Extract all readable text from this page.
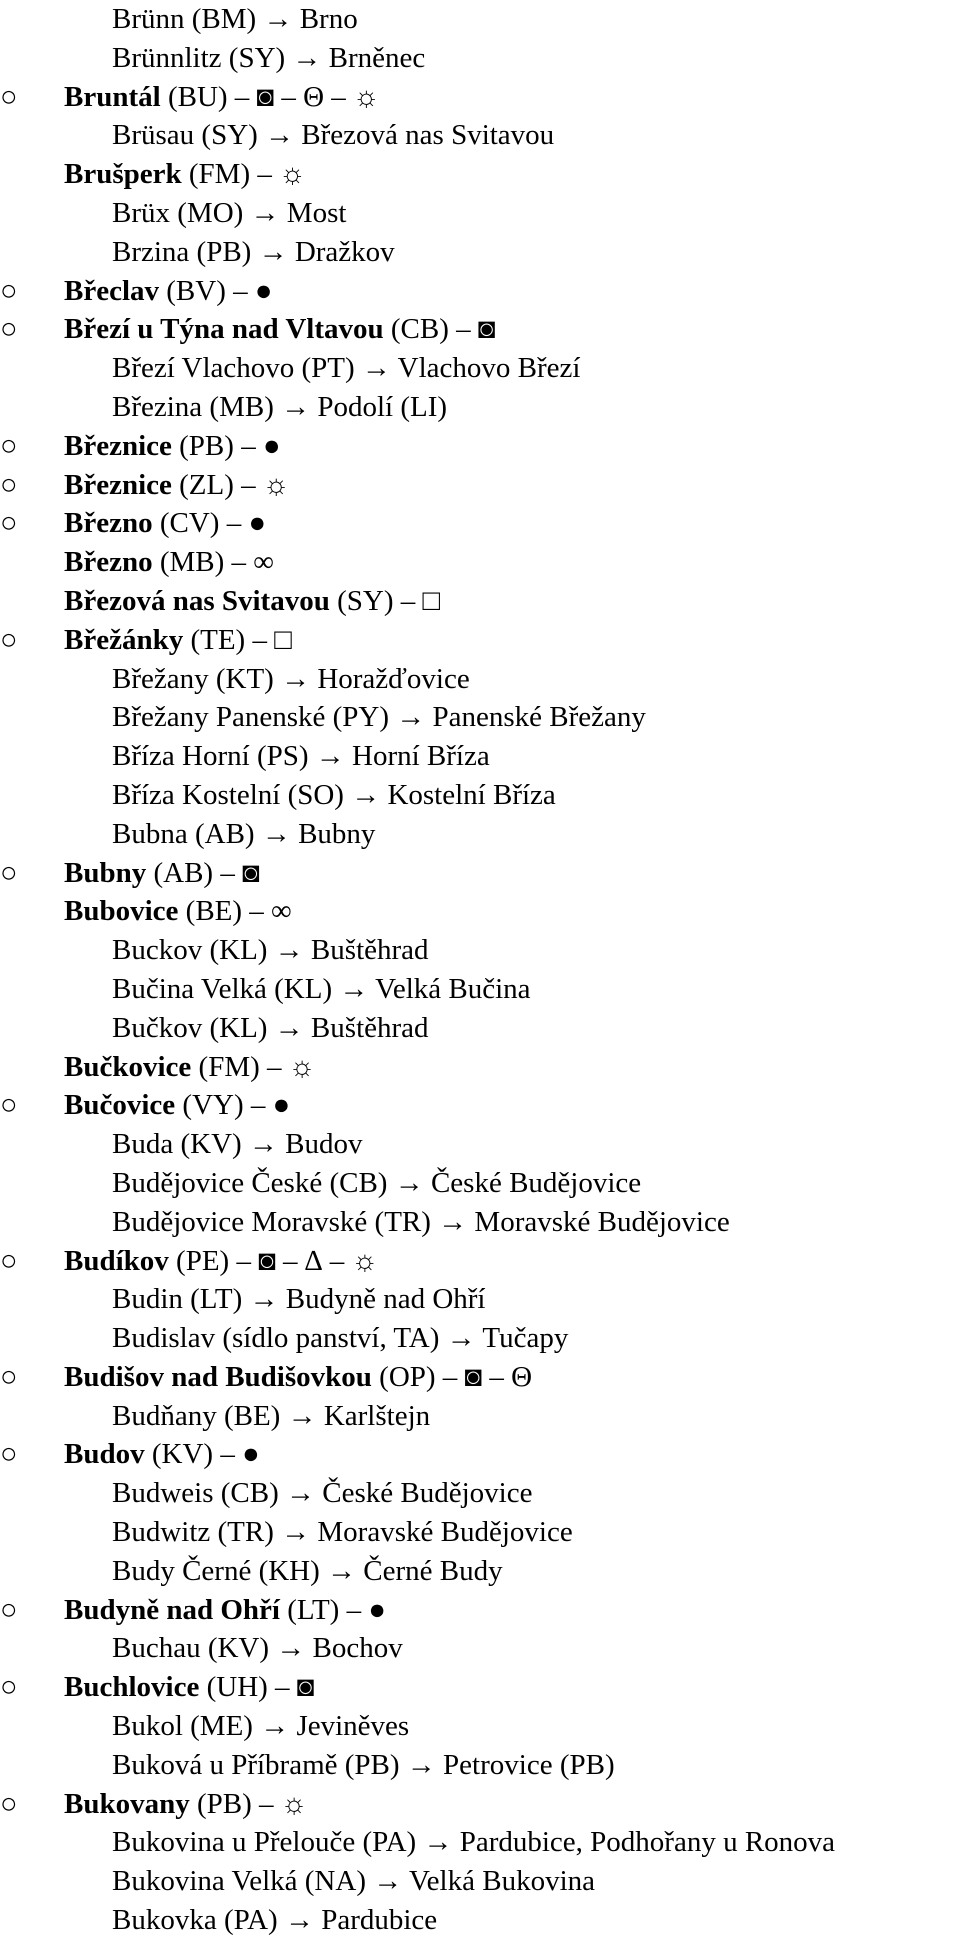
Brünn (BM) → Brno
Brünnlitz (SY) → Brněnec
○	Bruntál (BU) – ◙ – Θ – ☼
Brüsau (SY) → Březová nas Svitavou
Brušperk (FM) – ☼
Brüx (MO) → Most
Brzina (PB) → Dražkov
○	Břeclav (BV) – ●
○	Březí u Týna nad Vltavou (CB) – ◙
Březí Vlachovo (PT) → Vlachovo Březí
Březina (MB) → Podolí (LI)
○	Březnice (PB) – ●
○	Březnice (ZL) – ☼
○	Březno (CV) – ●
Březno (MB) – ∞
Březová nas Svitavou (SY) – □
○	Břežánky (TE) – □
Břežany (KT) → Horažďovice
Břežany Panenské (PY) → Panenské Břežany
Bříza Horní (PS) → Horní Bříza
Bříza Kostelní (SO) → Kostelní Bříza
Bubna (AB) → Bubny
○	Bubny (AB) – ◙
Bubovice (BE) – ∞
Buckov (KL) → Buštěhrad
Bučina Velká (KL) → Velká Bučina
Bučkov (KL) → Buštěhrad
Bučkovice (FM) – ☼
○	Bučovice (VY) – ●
Buda (KV) → Budov
Budějovice České (CB) → České Budějovice
Budějovice Moravské (TR) → Moravské Budějovice
○	Budíkov (PE) – ◙ – ∆ – ☼
Budin (LT) → Budyně nad Ohří
Budislav (sídlo panství, TA) → Tučapy
○	Budišov nad Budišovkou (OP) – ◙ – Θ
Budňany (BE) → Karlštejn
○	Budov (KV) – ●
Budweis (CB) → České Budějovice
Budwitz (TR) → Moravské Budějovice
Budy Černé (KH) → Černé Budy
○	Budyně nad Ohří (LT) – ●
Buchau (KV) → Bochov
○	Buchlovice (UH) – ◙
Bukol (ME) → Jeviněves
Buková u Příbramě (PB) → Petrovice (PB)
○	Bukovany (PB) – ☼
Bukovina u Přelouče (PA) → Pardubice, Podhořany u Ronova
Bukovina Velká (NA) → Velká Bukovina
Bukovka (PA) → Pardubice
